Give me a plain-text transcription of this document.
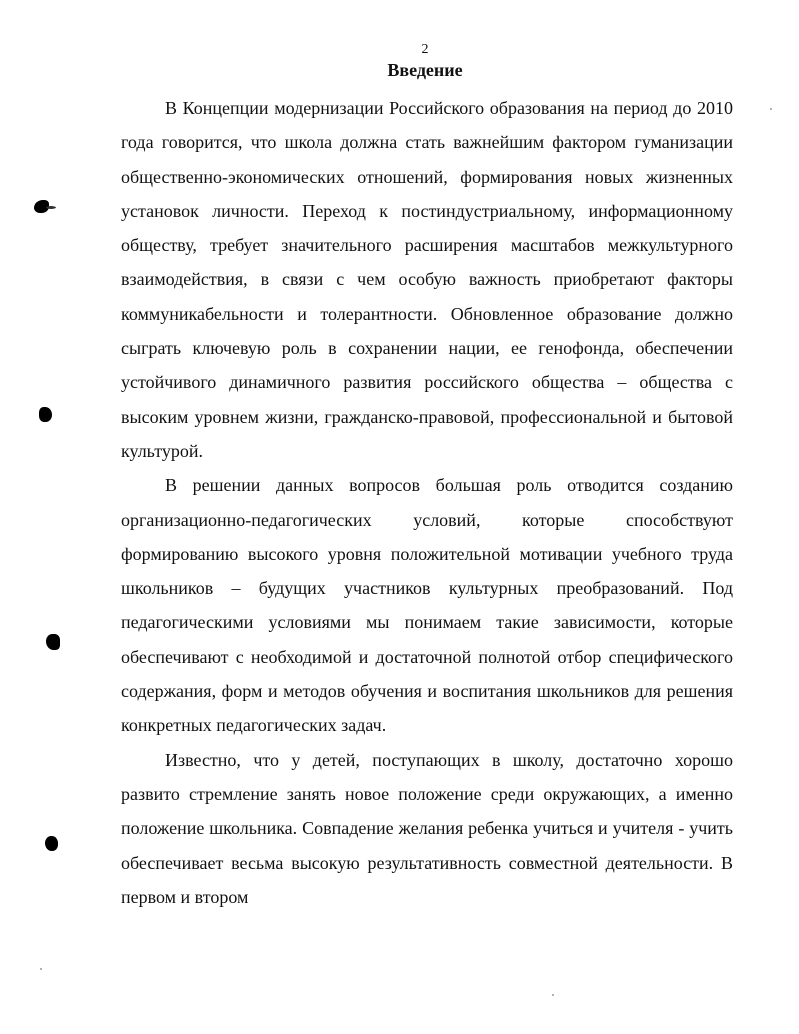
2
Введение

В Концепции модернизации Российского образования на период до 2010 года говорится, что школа должна стать важнейшим фактором гуманизации общественно-экономических отношений, формирования новых жизненных установок личности. Переход к постиндустриальному, информационному обществу, требует значительного расширения масштабов межкультурного взаимодействия, в связи с чем особую важность приобретают факторы коммуникабельности и толерантности. Обновленное образование должно сыграть ключевую роль в сохранении нации, ее генофонда, обеспечении устойчивого динамичного развития российского общества – общества с высоким уровнем жизни, гражданско-правовой, профессиональной и бытовой культурой.

В решении данных вопросов большая роль отводится созданию организационно-педагогических условий, которые способствуют формированию высокого уровня положительной мотивации учебного труда школьников – будущих участников культурных преобразований. Под педагогическими условиями мы понимаем такие зависимости, которые обеспечивают с необходимой и достаточной полнотой отбор специфического содержания, форм и методов обучения и воспитания школьников для решения конкретных педагогических задач.

Известно, что у детей, поступающих в школу, достаточно хорошо развито стремление занять новое положение среди окружающих, а именно положение школьника. Совпадение желания ребенка учиться и учителя - учить обеспечивает весьма высокую результативность совместной деятельности. В первом и втором
